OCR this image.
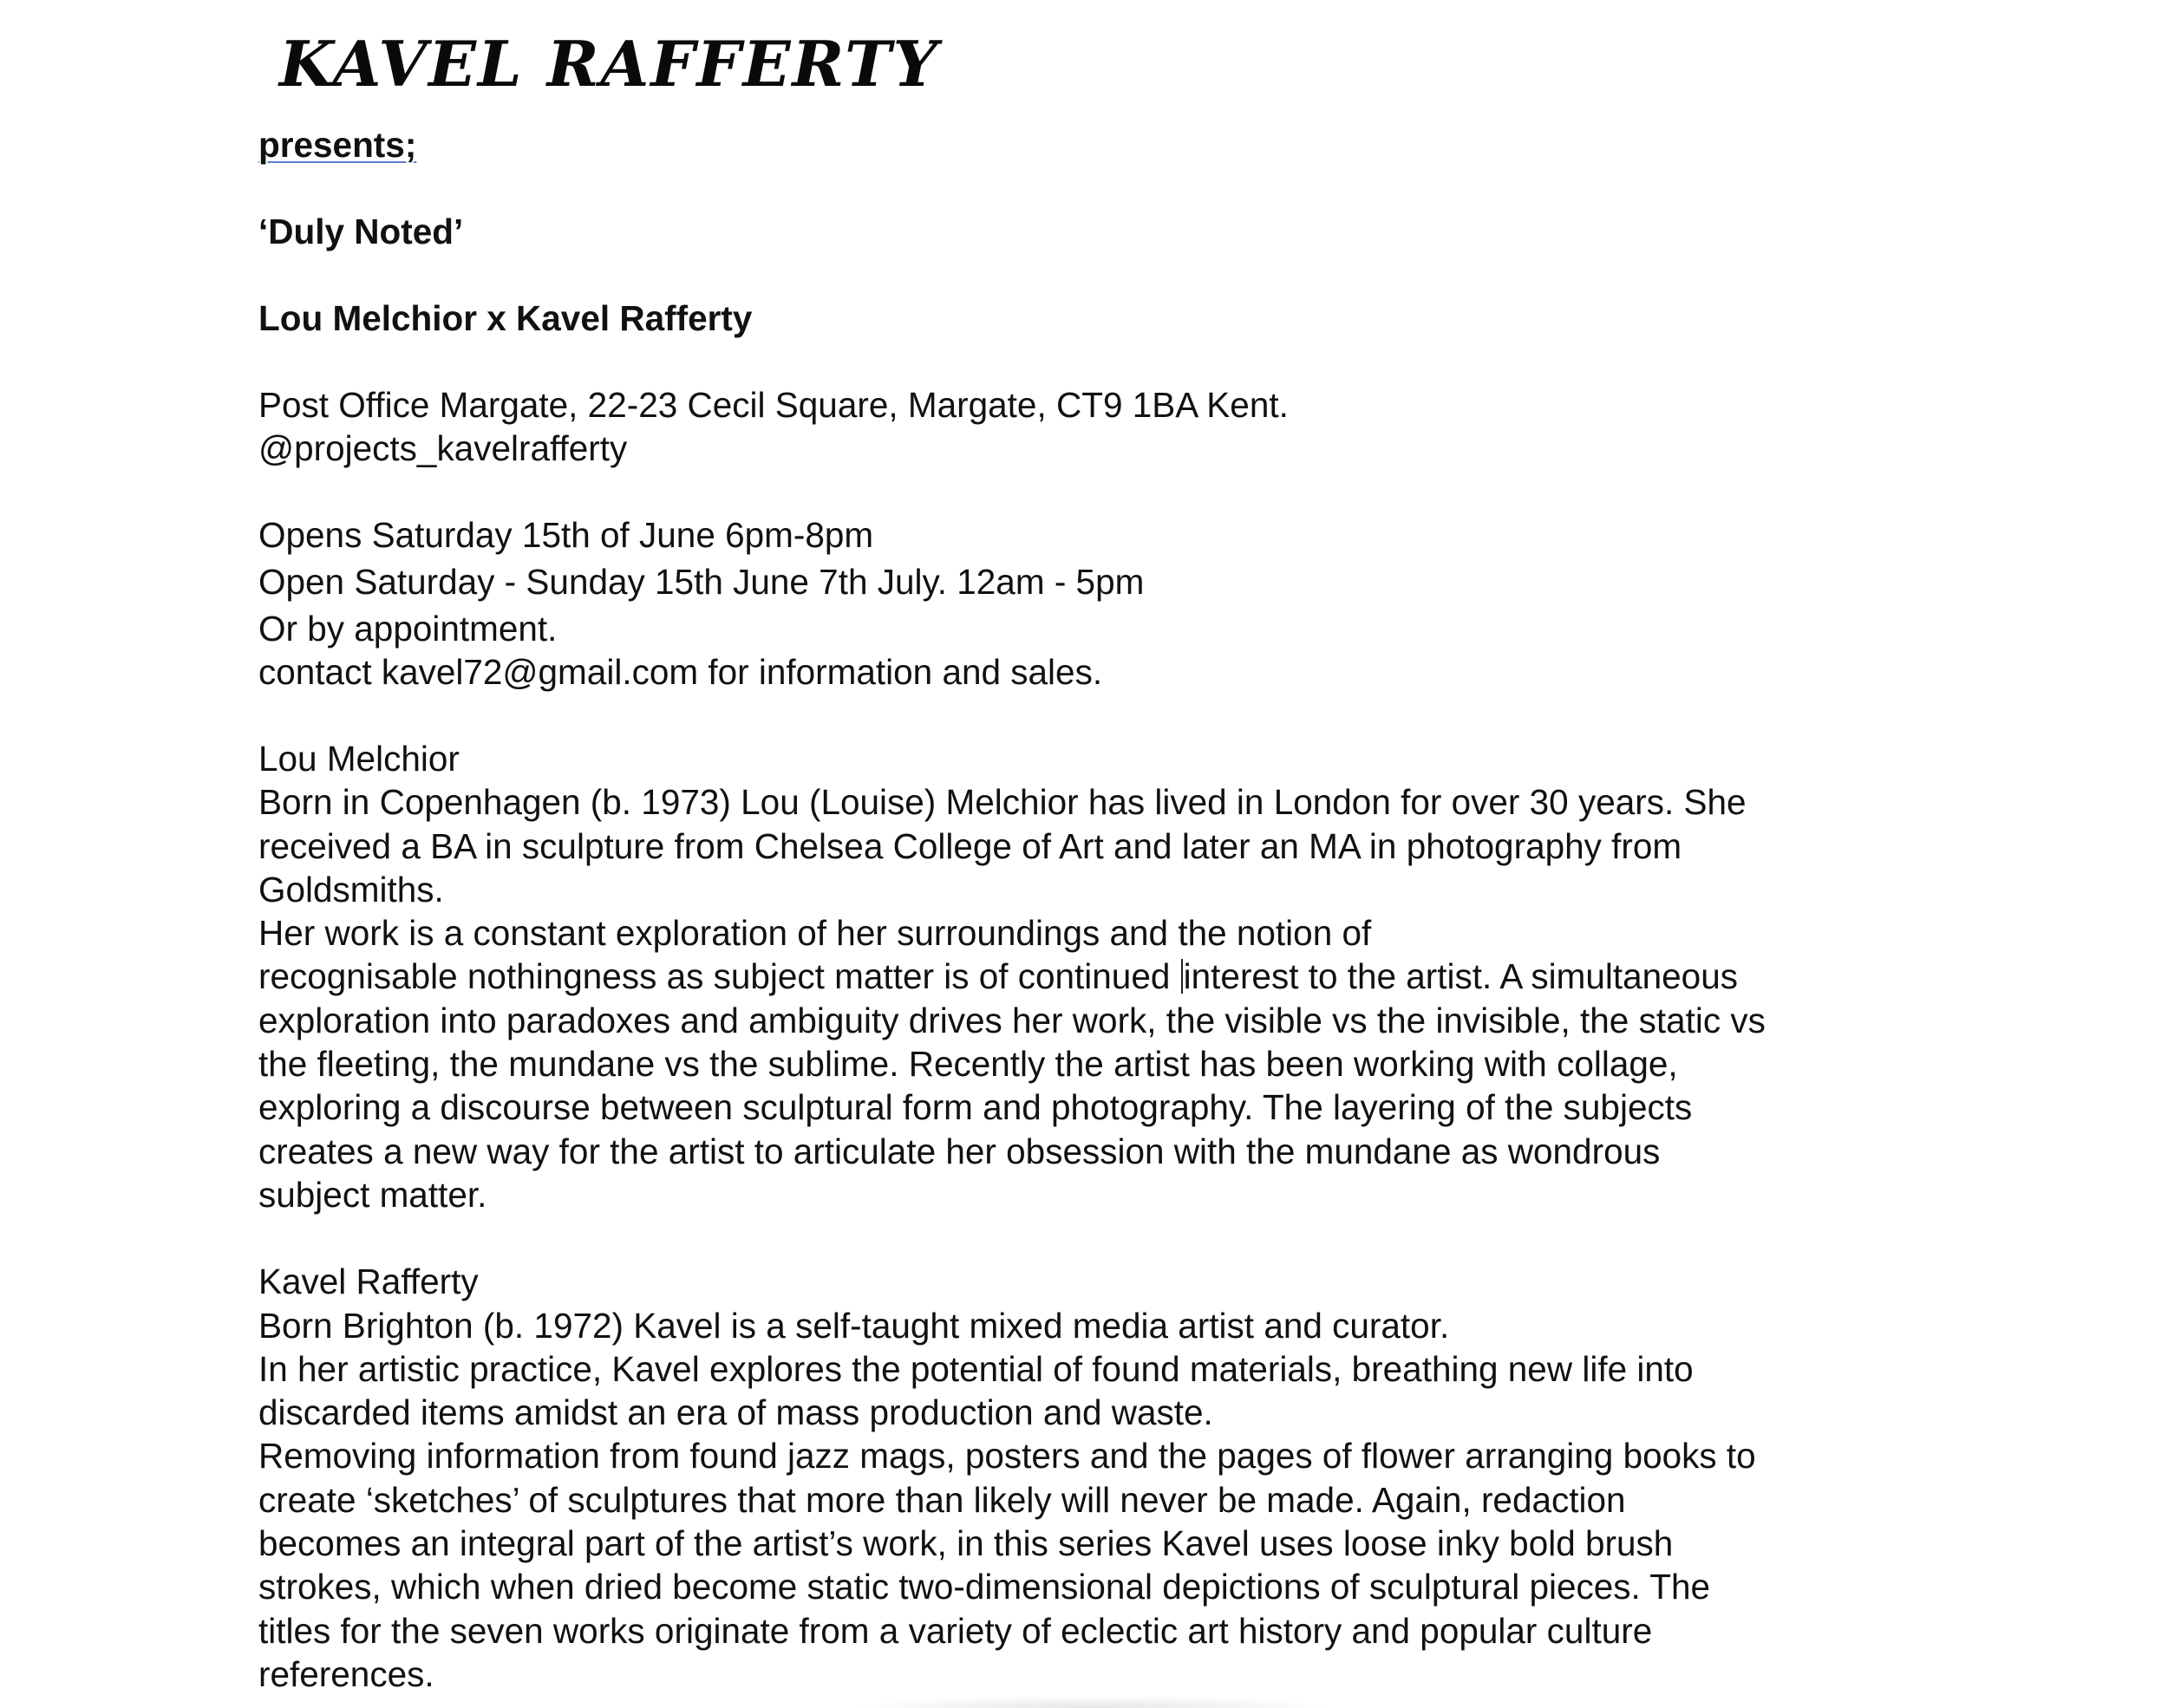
KAVEL RAFFERTY
presents;
‘Duly Noted’
Lou Melchior x Kavel Rafferty
Post Office Margate, 22-23 Cecil Square, Margate, CT9 1BA Kent.
@projects_kavelrafferty
Opens Saturday 15th of June 6pm-8pm
Open Saturday - Sunday 15th June 7th July. 12am - 5pm
Or by appointment.
contact kavel72@gmail.com for information and sales.
Lou Melchior
Born in Copenhagen (b. 1973) Lou (Louise) Melchior has lived in London for over 30 years. She
received a BA in sculpture from Chelsea College of Art and later an MA in photography from
Goldsmiths.
Her work is a constant exploration of her surroundings and the notion of
recognisable nothingness as subject matter is of continued interest to the artist. A simultaneous
exploration into paradoxes and ambiguity drives her work, the visible vs the invisible, the static vs
the fleeting, the mundane vs the sublime. Recently the artist has been working with collage,
exploring a discourse between sculptural form and photography. The layering of the subjects
creates a new way for the artist to articulate her obsession with the mundane as wondrous
subject matter.
Kavel Rafferty
Born Brighton (b. 1972) Kavel is a self-taught mixed media artist and curator.
In her artistic practice, Kavel explores the potential of found materials, breathing new life into
discarded items amidst an era of mass production and waste.
Removing information from found jazz mags, posters and the pages of flower arranging books to
create ‘sketches’ of sculptures that more than likely will never be made. Again, redaction
becomes an integral part of the artist’s work, in this series Kavel uses loose inky bold brush
strokes, which when dried become static two-dimensional depictions of sculptural pieces. The
titles for the seven works originate from a variety of eclectic art history and popular culture
references.
